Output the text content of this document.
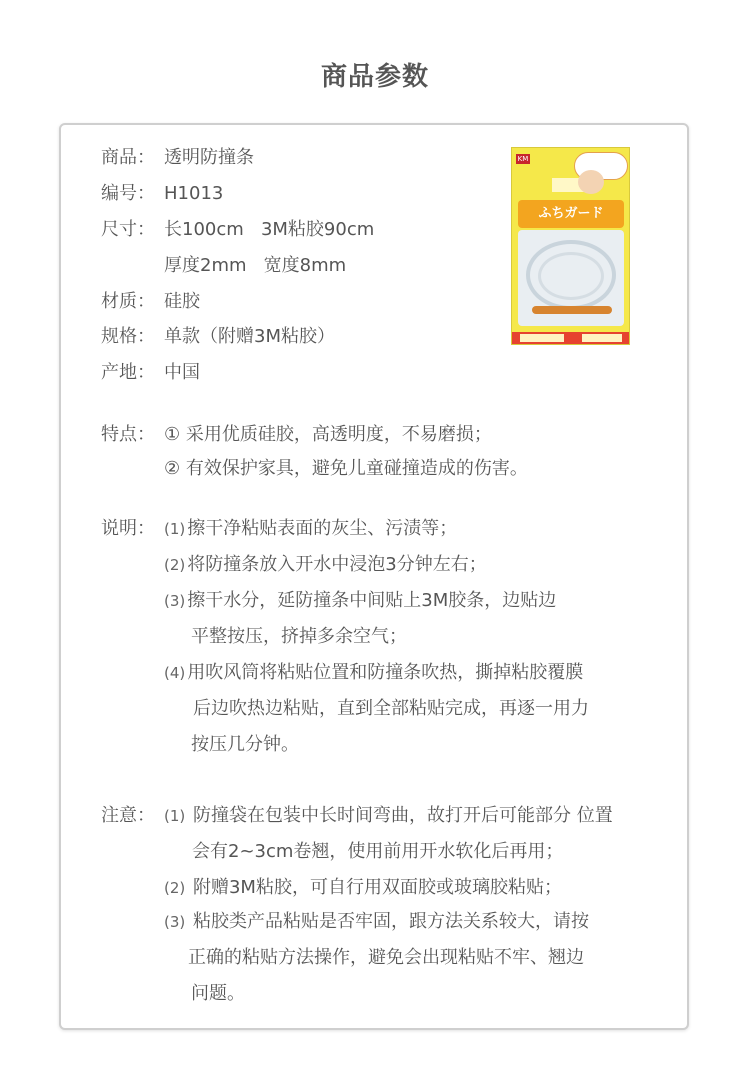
商品参数
商品： 透明防撞条
编号： H1013
尺寸： 长100cm   3M粘胶90cm
厚度2mm   宽度8mm
材质： 硅胶
规格： 单款（附赠3M粘胶）
产地： 中国
KM
ふちガード
特点： ① 采用优质硅胶，高透明度，不易磨损；
② 有效保护家具，避免儿童碰撞造成的伤害。
说明： (1) 擦干净粘贴表面的灰尘、污渍等；
(2) 将防撞条放入开水中浸泡3分钟左右；
(3) 擦干水分，延防撞条中间贴上3M胶条，边贴边
平整按压，挤掉多余空气；
(4) 用吹风筒将粘贴位置和防撞条吹热，撕掉粘胶覆膜
后边吹热边粘贴，直到全部粘贴完成，再逐一用力
按压几分钟。
注意： (1) 防撞袋在包装中长时间弯曲，故打开后可能部分 位置
会有2~3cm卷翘，使用前用开水软化后再用；
(2) 附赠3M粘胶，可自行用双面胶或玻璃胶粘贴；
(3) 粘胶类产品粘贴是否牢固，跟方法关系较大，请按
正确的粘贴方法操作，避免会出现粘贴不牢、翘边
问题。
